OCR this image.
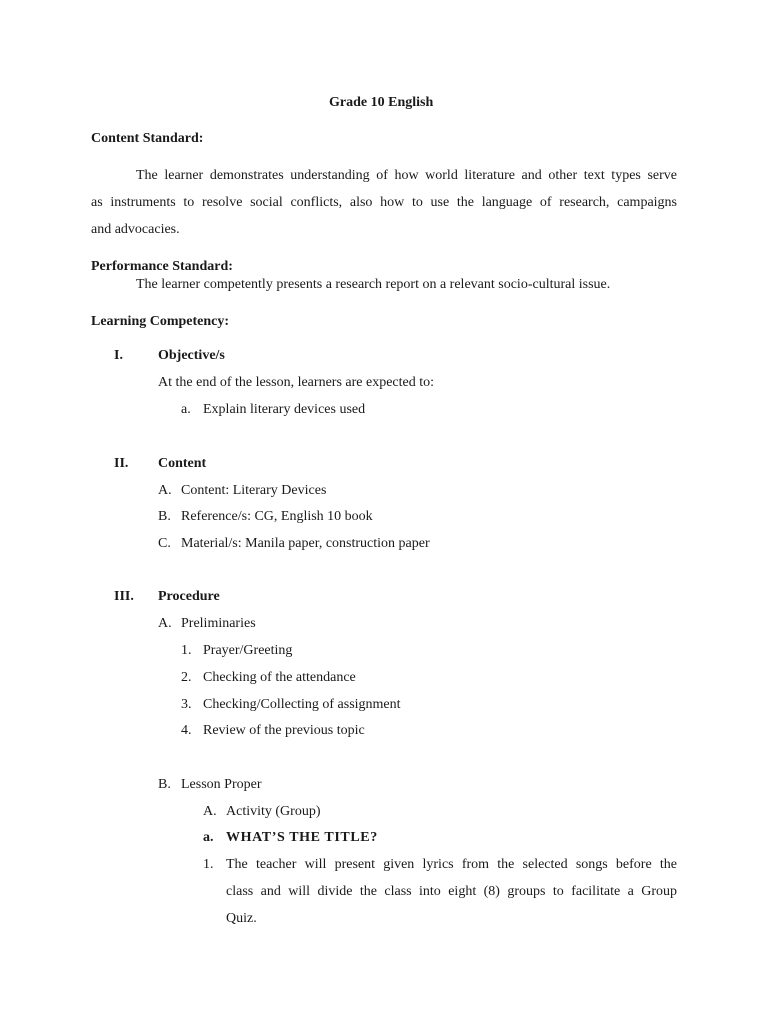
Grade 10 English
Content Standard:
The learner demonstrates understanding of how world literature and other text types serve
as instruments to resolve social conflicts, also how to use the language of research, campaigns
and advocacies.
Performance Standard:
The learner competently presents a research report on a relevant socio-cultural issue.
Learning Competency:
I.	Objective/s
At the end of the lesson, learners are expected to:
a. Explain literary devices used
II. Content
A. Content: Literary Devices
B. Reference/s: CG, English 10 book
C. Material/s: Manila paper, construction paper
III. Procedure
A. Preliminaries
1. Prayer/Greeting
2. Checking of the attendance
3. Checking/Collecting of assignment
4. Review of the previous topic
B. Lesson Proper
A. Activity (Group)
a. WHAT’S THE TITLE?
1. The teacher will present given lyrics from the selected songs before the
class and will divide the class into eight (8) groups to facilitate a Group
Quiz.
